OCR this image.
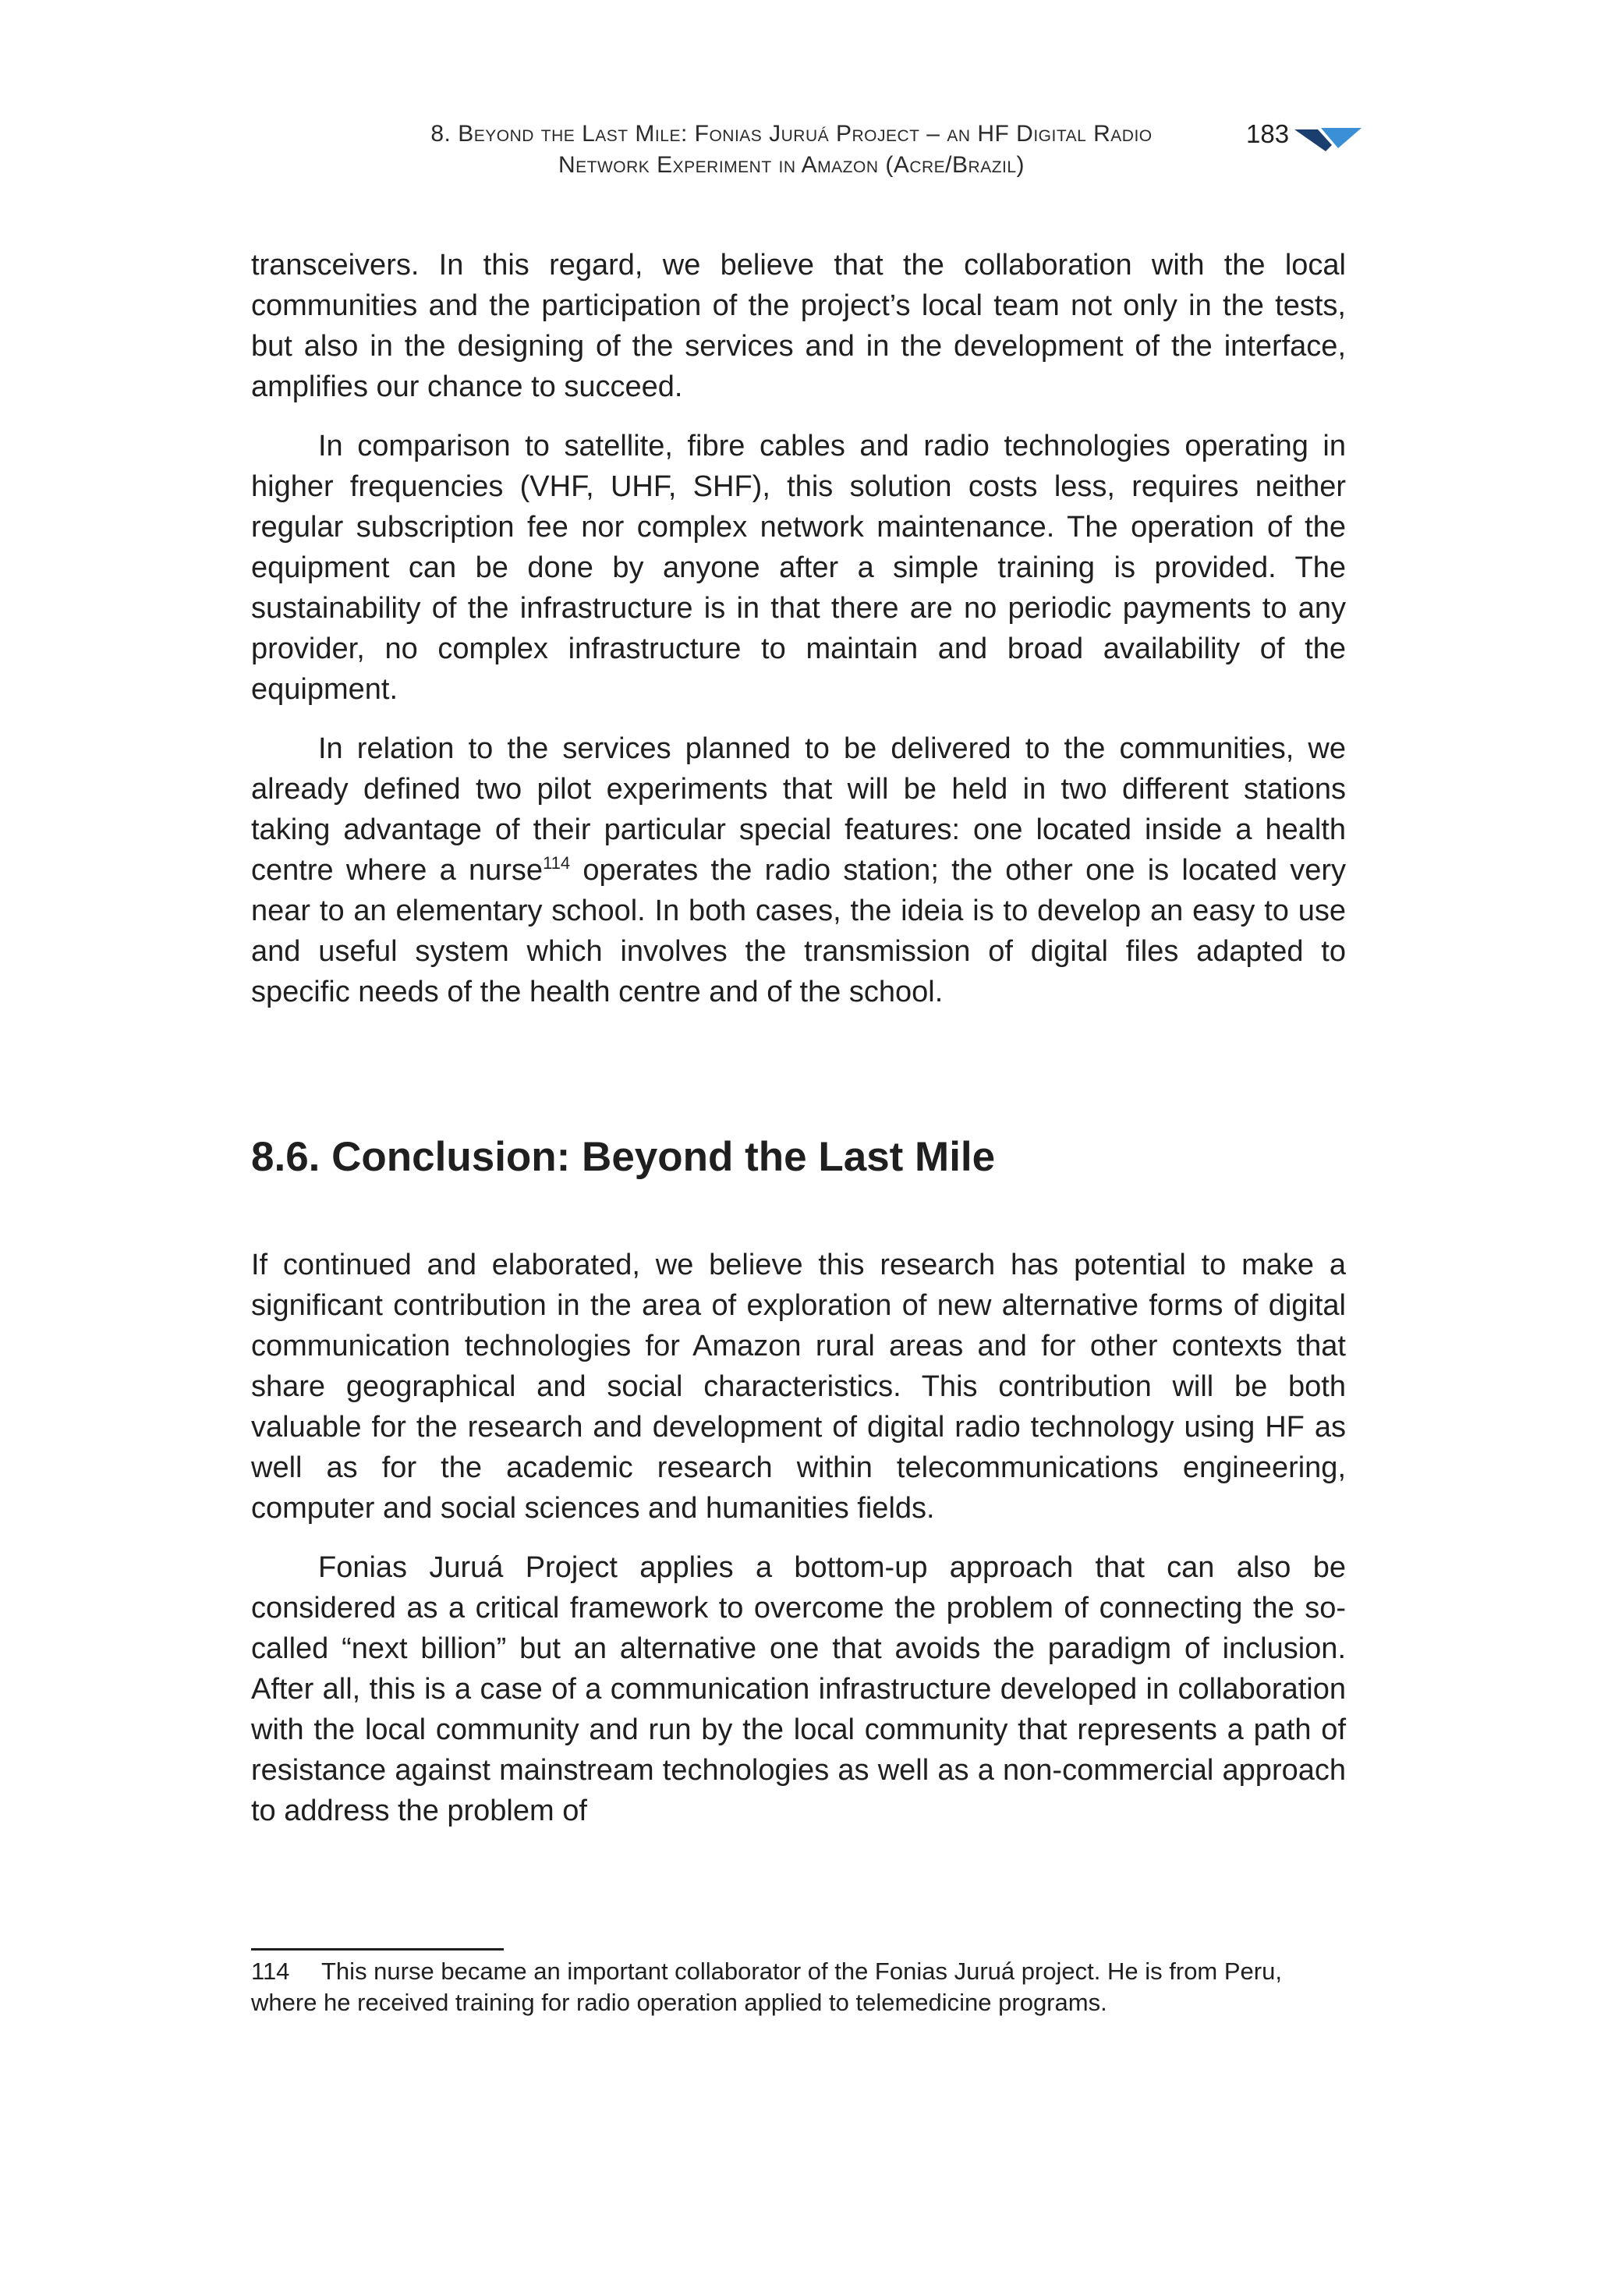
8. Beyond the Last Mile: Fonias Juruá Project – an HF Digital Radio
Network Experiment in Amazon (Acre/Brazil)
183

transceivers. In this regard, we believe that the collaboration with the local communities and the participation of the project’s local team not only in the tests, but also in the designing of the services and in the development of the interface, amplifies our chance to succeed.

In comparison to satellite, fibre cables and radio technologies operating in higher frequencies (VHF, UHF, SHF), this solution costs less, requires neither regular subscription fee nor complex network maintenance. The operation of the equipment can be done by anyone after a simple training is provided. The sustainability of the infrastructure is in that there are no periodic payments to any provider, no complex infrastructure to maintain and broad availability of the equipment.

In relation to the services planned to be delivered to the communities, we already defined two pilot experiments that will be held in two different stations taking advantage of their particular special features: one located inside a health centre where a nurse$^{114}$ operates the radio station; the other one is located very near to an elementary school. In both cases, the ideia is to develop an easy to use and useful system which involves the transmission of digital files adapted to specific needs of the health centre and of the school.

8.6. Conclusion: Beyond the Last Mile

If continued and elaborated, we believe this research has potential to make a significant contribution in the area of exploration of new alternative forms of digital communication technologies for Amazon rural areas and for other contexts that share geographical and social characteristics. This contribution will be both valuable for the research and development of digital radio technology using HF as well as for the academic research within telecommunications engineering, computer and social sciences and humanities fields.

Fonias Juruá Project applies a bottom-up approach that can also be considered as a critical framework to overcome the problem of connecting the so-called “next billion” but an alternative one that avoids the paradigm of inclusion. After all, this is a case of a communication infrastructure developed in collaboration with the local community and run by the local community that represents a path of resistance against mainstream technologies as well as a non-commercial approach to address the problem of

114 This nurse became an important collaborator of the Fonias Juruá project. He is from Peru, where he received training for radio operation applied to telemedicine programs.
